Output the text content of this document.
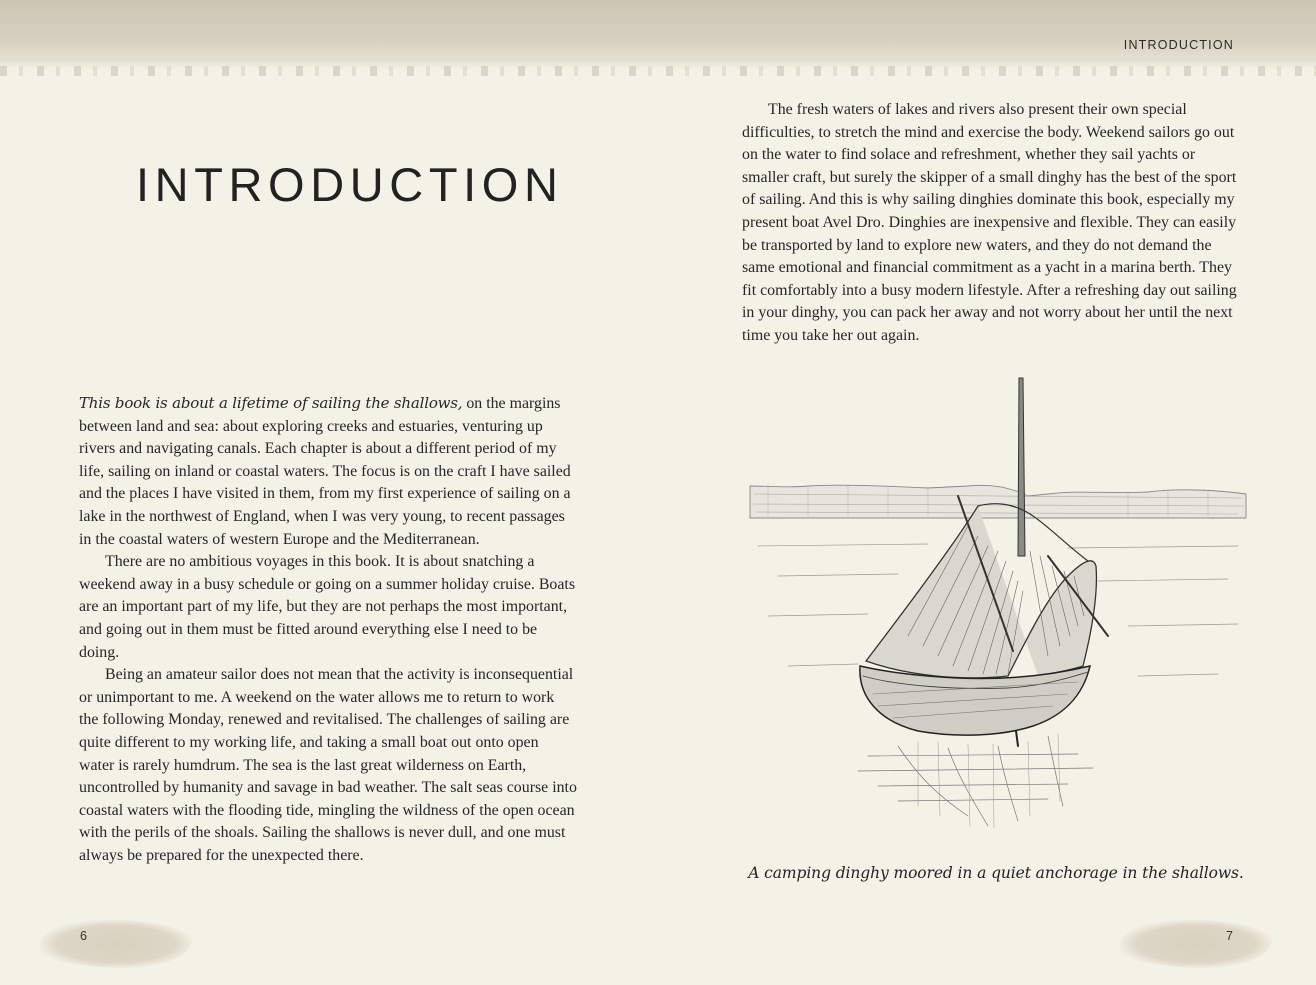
INTRODUCTION
INTRODUCTION

This book is about a lifetime of sailing the shallows, on the margins between land and sea: about exploring creeks and estuaries, venturing up rivers and navigating canals. Each chapter is about a different period of my life, sailing on inland or coastal waters. The focus is on the craft I have sailed and the places I have visited in them, from my first experience of sailing on a lake in the northwest of England, when I was very young, to recent passages in the coastal waters of western Europe and the Mediterranean.

There are no ambitious voyages in this book. It is about snatching a weekend away in a busy schedule or going on a summer holiday cruise. Boats are an important part of my life, but they are not perhaps the most important, and going out in them must be fitted around everything else I need to be doing.

Being an amateur sailor does not mean that the activity is inconsequential or unimportant to me. A weekend on the water allows me to return to work the following Monday, renewed and revitalised. The challenges of sailing are quite different to my working life, and taking a small boat out onto open water is rarely humdrum. The sea is the last great wilderness on Earth, uncontrolled by humanity and savage in bad weather. The salt seas course into coastal waters with the flooding tide, mingling the wildness of the open ocean with the perils of the shoals. Sailing the shallows is never dull, and one must always be prepared for the unexpected there.

The fresh waters of lakes and rivers also present their own special difficulties, to stretch the mind and exercise the body. Weekend sailors go out on the water to find solace and refreshment, whether they sail yachts or smaller craft, but surely the skipper of a small dinghy has the best of the sport of sailing. And this is why sailing dinghies dominate this book, especially my present boat Avel Dro. Dinghies are inexpensive and flexible. They can easily be transported by land to explore new waters, and they do not demand the same emotional and financial commitment as a yacht in a marina berth. They fit comfortably into a busy modern lifestyle. After a refreshing day out sailing in your dinghy, you can pack her away and not worry about her until the next time you take her out again.

A camping dinghy moored in a quiet anchorage in the shallows.
6	7
